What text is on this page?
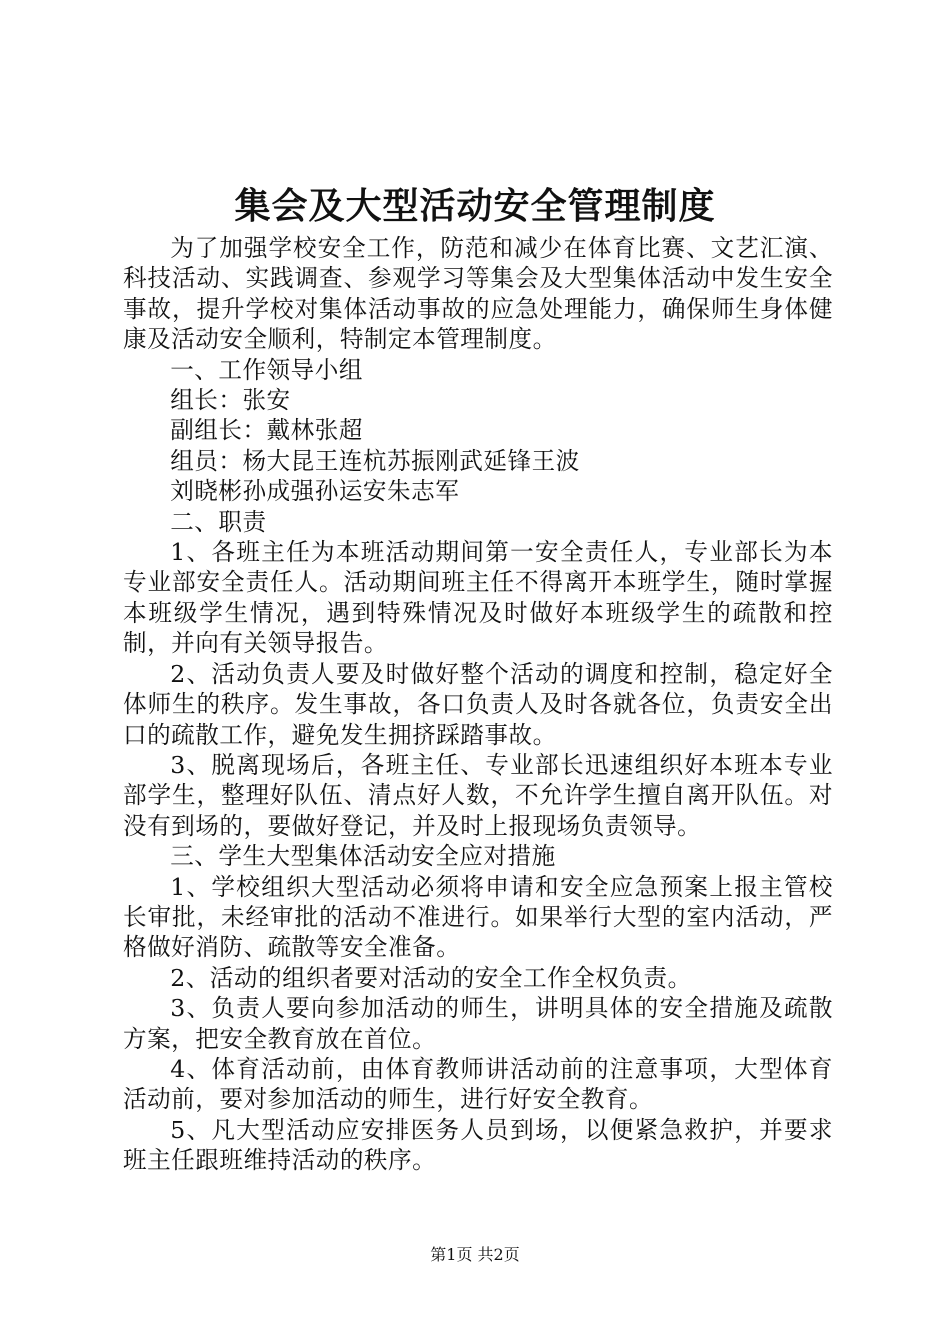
集会及大型活动安全管理制度

为了加强学校安全工作，防范和减少在体育比赛、文艺汇演、科技活动、实践调查、参观学习等集会及大型集体活动中发生安全事故，提升学校对集体活动事故的应急处理能力，确保师生身体健康及活动安全顺利，特制定本管理制度。

一、工作领导小组

组长：张安

副组长：戴林张超

组员：杨大昆王连杭苏振刚武延锋王波

刘晓彬孙成强孙运安朱志军

二、职责

1、各班主任为本班活动期间第一安全责任人，专业部长为本专业部安全责任人。活动期间班主任不得离开本班学生，随时掌握本班级学生情况，遇到特殊情况及时做好本班级学生的疏散和控制，并向有关领导报告。

2、活动负责人要及时做好整个活动的调度和控制，稳定好全体师生的秩序。发生事故，各口负责人及时各就各位，负责安全出口的疏散工作，避免发生拥挤踩踏事故。

3、脱离现场后，各班主任、专业部长迅速组织好本班本专业部学生，整理好队伍、清点好人数，不允许学生擅自离开队伍。对没有到场的，要做好登记，并及时上报现场负责领导。

三、学生大型集体活动安全应对措施

1、学校组织大型活动必须将申请和安全应急预案上报主管校长审批，未经审批的活动不准进行。如果举行大型的室内活动，严格做好消防、疏散等安全准备。

2、活动的组织者要对活动的安全工作全权负责。

3、负责人要向参加活动的师生，讲明具体的安全措施及疏散方案，把安全教育放在首位。

4、体育活动前，由体育教师讲活动前的注意事项，大型体育活动前，要对参加活动的师生，进行好安全教育。

5、凡大型活动应安排医务人员到场，以便紧急救护，并要求班主任跟班维持活动的秩序。

第1页 共2页
